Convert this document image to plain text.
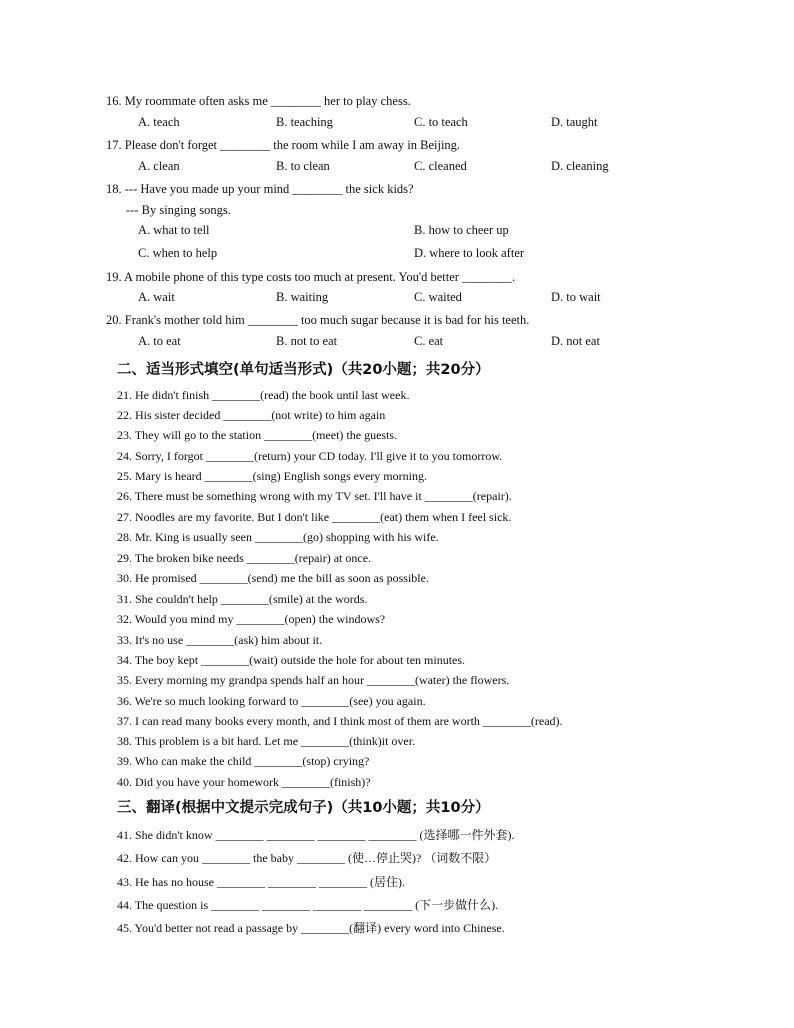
16. My roommate often asks me ________ her to play chess.
A. teach	B. teaching	C. to teach	D. taught
17. Please don't forget ________ the room while I am away in Beijing.
A. clean	B. to clean	C. cleaned	D. cleaning
18. --- Have you made up your mind ________ the sick kids?
--- By singing songs.
A. what to tell	B. how to cheer up
C. when to help	D. where to look after
19. A mobile phone of this type costs too much at present. You'd better ________.
A. wait	B. waiting	C. waited	D. to wait
20. Frank's mother told him ________ too much sugar because it is bad for his teeth.
A. to eat	B. not to eat	C. eat	D. not eat
二、适当形式填空(单句适当形式)（共20小题；共20分）
21. He didn't finish ________(read) the book until last week.
22. His sister decided ________(not write) to him again
23. They will go to the station ________(meet) the guests.
24. Sorry, I forgot ________(return) your CD today. I'll give it to you tomorrow.
25. Mary is heard ________(sing) English songs every morning.
26. There must be something wrong with my TV set. I'll have it ________(repair).
27. Noodles are my favorite. But I don't like ________(eat) them when I feel sick.
28. Mr. King is usually seen ________(go) shopping with his wife.
29. The broken bike needs ________(repair) at once.
30. He promised ________(send) me the bill as soon as possible.
31. She couldn't help ________(smile) at the words.
32. Would you mind my ________(open) the windows?
33. It's no use ________(ask) him about it.
34. The boy kept ________(wait) outside the hole for about ten minutes.
35. Every morning my grandpa spends half an hour ________(water) the flowers.
36. We're so much looking forward to ________(see) you again.
37. I can read many books every month, and I think most of them are worth ________(read).
38. This problem is a bit hard. Let me ________(think)it over.
39. Who can make the child ________(stop) crying?
40. Did you have your homework ________(finish)?
三、翻译(根据中文提示完成句子)（共10小题；共10分）
41. She didn't know ________ ________ ________ ________ (选择哪一件外套).
42. How can you ________ the baby ________ (使…停止哭)? （词数不限）
43. He has no house ________ ________ ________ (居住).
44. The question is ________ ________ ________ ________ (下一步做什么).
45. You'd better not read a passage by ________(翻译) every word into Chinese.
